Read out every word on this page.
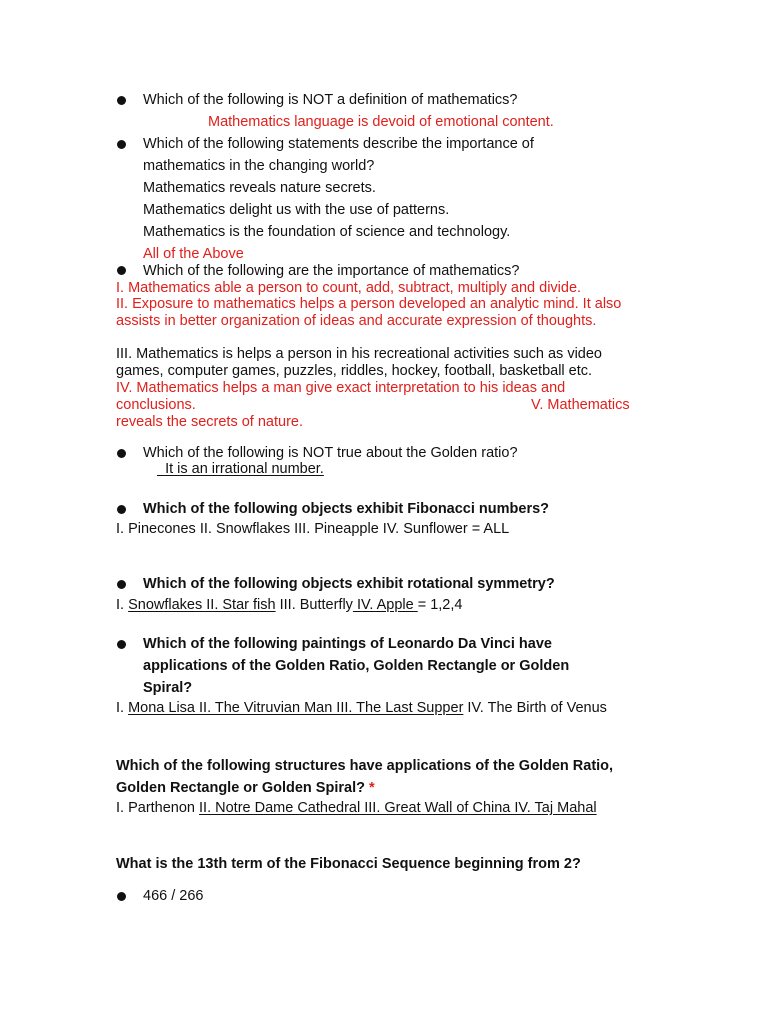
Which of the following is NOT a definition of mathematics?
Mathematics language is devoid of emotional content.
Which of the following statements describe the importance of
mathematics in the changing world?
Mathematics reveals nature secrets.
Mathematics delight us with the use of patterns.
Mathematics is the foundation of science and technology.
All of the Above
Which of the following are the importance of mathematics?
I. Mathematics able a person to count, add, subtract, multiply and divide.
II. Exposure to mathematics helps a person developed an analytic mind. It also assists in better organization of ideas and accurate expression of thoughts.
III. Mathematics is helps a person in his recreational activities such as video games, computer games, puzzles, riddles, hockey, football, basketball etc.
IV. Mathematics helps a man give exact interpretation to his ideas and conclusions.	V. Mathematics
reveals the secrets of nature.
Which of the following is NOT true about the Golden ratio?
It is an irrational number.
Which of the following objects exhibit Fibonacci numbers?
I. Pinecones II. Snowflakes III. Pineapple IV. Sunflower = ALL
Which of the following objects exhibit rotational symmetry?
I. Snowflakes II. Star fish III. Butterfly IV. Apple = 1,2,4
Which of the following paintings of Leonardo Da Vinci have
applications of the Golden Ratio, Golden Rectangle or Golden
Spiral?
I. Mona Lisa II. The Vitruvian Man III. The Last Supper IV. The Birth of Venus
Which of the following structures have applications of the Golden Ratio,
Golden Rectangle or Golden Spiral? *
I. Parthenon II. Notre Dame Cathedral III. Great Wall of China IV. Taj Mahal
What is the 13th term of the Fibonacci Sequence beginning from 2?
466 / 266
